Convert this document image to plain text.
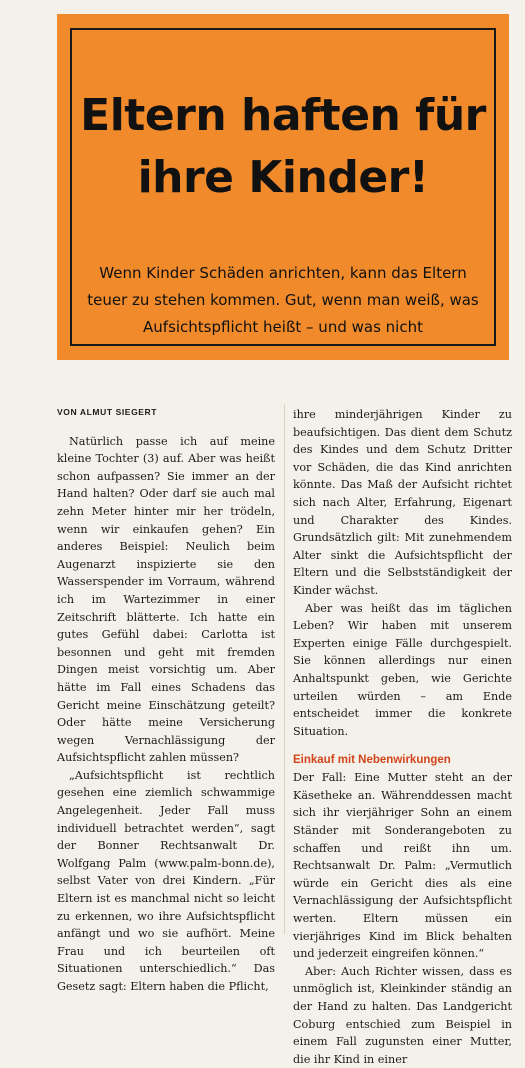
Eltern haften für ihre Kinder!
Wenn Kinder Schäden anrichten, kann das Eltern teuer zu stehen kommen. Gut, wenn man weiß, was Aufsichtspflicht heißt – und was nicht
VON ALMUT SIEGERT

Natürlich passe ich auf meine kleine Tochter (3) auf. Aber was heißt schon aufpassen? Sie immer an der Hand halten? Oder darf sie auch mal zehn Meter hinter mir her trödeln, wenn wir einkaufen gehen? Ein anderes Beispiel: Neulich beim Augenarzt inspizierte sie den Wasserspender im Vorraum, während ich im Wartezimmer in einer Zeitschrift blätterte. Ich hatte ein gutes Gefühl dabei: Carlotta ist besonnen und geht mit fremden Dingen meist vorsichtig um. Aber hätte im Fall eines Schadens das Gericht meine Einschätzung geteilt? Oder hätte meine Versicherung wegen Vernachlässigung der Aufsichtspflicht zahlen müssen?

„Aufsichtspflicht ist rechtlich gesehen eine ziemlich schwammige Angelegenheit. Jeder Fall muss individuell betrachtet werden“, sagt der Bonner Rechtsanwalt Dr. Wolfgang Palm (www.palm-bonn.de), selbst Vater von drei Kindern. „Für Eltern ist es manchmal nicht so leicht zu erkennen, wo ihre Aufsichtspflicht anfängt und wo sie aufhört. Meine Frau und ich beurteilen oft Situationen unterschiedlich.“ Das Gesetz sagt: Eltern haben die Pflicht,

ihre minderjährigen Kinder zu beaufsichtigen. Das dient dem Schutz des Kindes und dem Schutz Dritter vor Schäden, die das Kind anrichten könnte. Das Maß der Aufsicht richtet sich nach Alter, Erfahrung, Eigenart und Charakter des Kindes. Grundsätzlich gilt: Mit zunehmendem Alter sinkt die Aufsichtspflicht der Eltern und die Selbstständigkeit der Kinder wächst.

Aber was heißt das im täglichen Leben? Wir haben mit unserem Experten einige Fälle durchgespielt. Sie können allerdings nur einen Anhaltspunkt geben, wie Gerichte urteilen würden – am Ende entscheidet immer die konkrete Situation.

Einkauf mit Nebenwirkungen

Der Fall: Eine Mutter steht an der Käsetheke an. Währenddessen macht sich ihr vierjähriger Sohn an einem Ständer mit Sonderangeboten zu schaffen und reißt ihn um. Rechtsanwalt Dr. Palm: „Vermutlich würde ein Gericht dies als eine Vernachlässigung der Aufsichtspflicht werten. Eltern müssen ein vierjähriges Kind im Blick behalten und jederzeit eingreifen können.“

Aber: Auch Richter wissen, dass es unmöglich ist, Kleinkinder ständig an der Hand zu halten. Das Landgericht Coburg entschied zum Beispiel in einem Fall zugunsten einer Mutter, die ihr Kind in einer
